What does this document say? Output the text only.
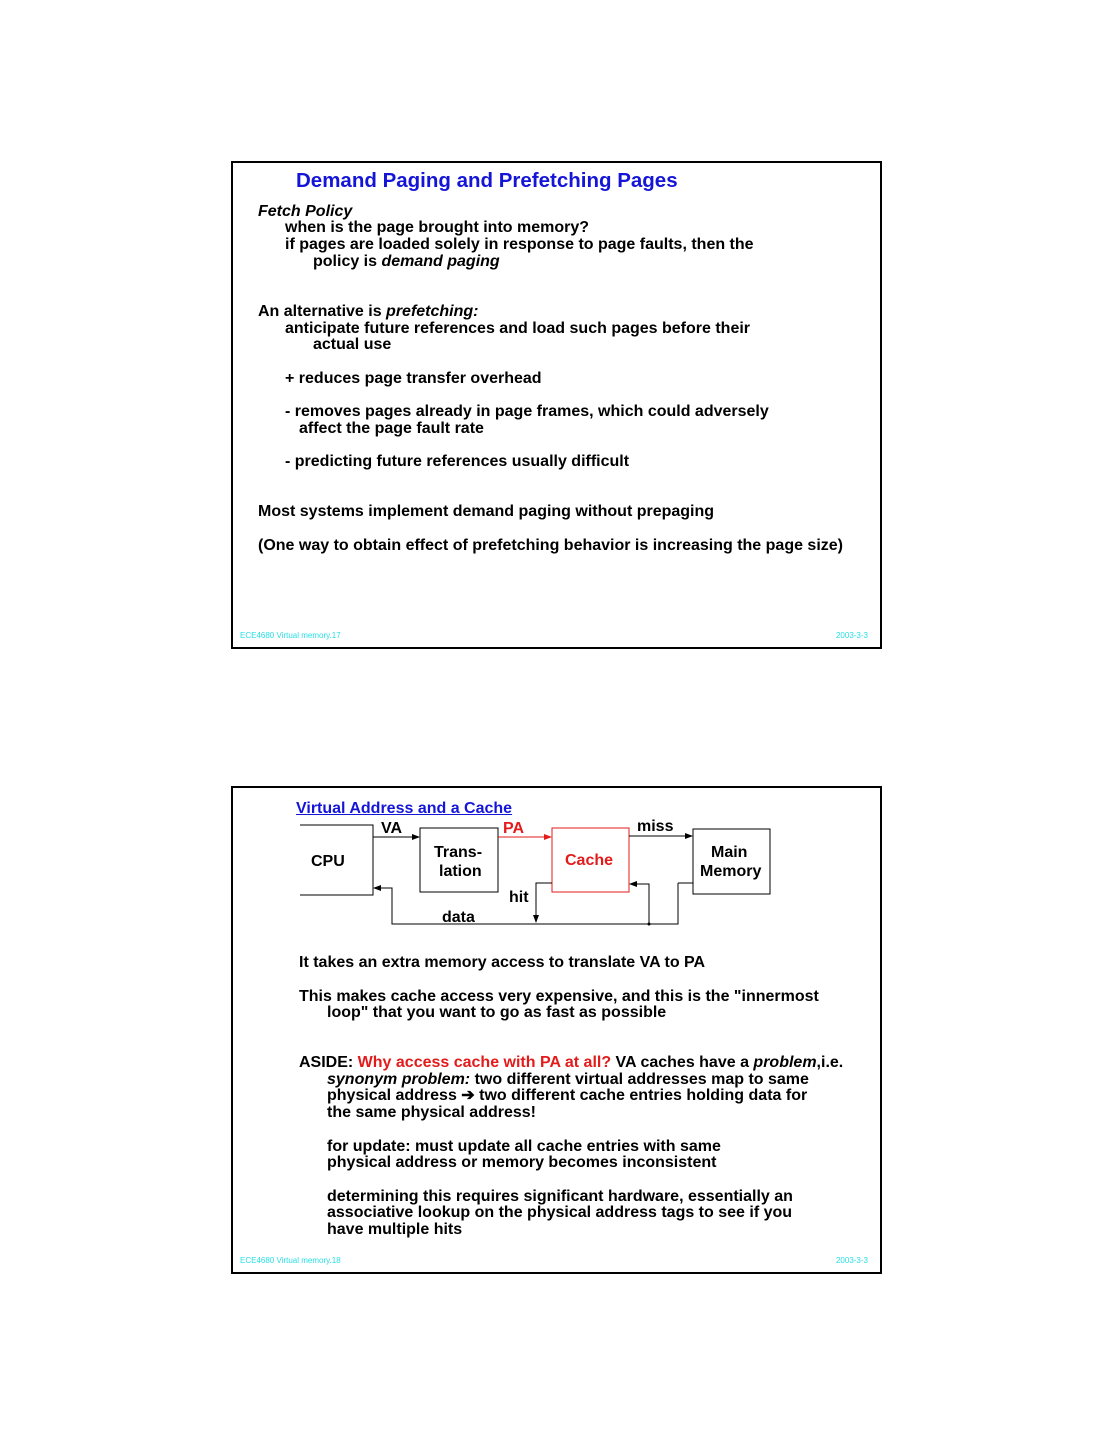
Demand Paging and Prefetching Pages
Fetch Policy
when is the page brought into memory?
if pages are loaded solely in response to page faults, then the
policy is demand paging
An alternative is prefetching:
anticipate future references and load such pages before their
actual use
+ reduces page transfer overhead
- removes pages already in page frames, which could adversely
affect the page fault rate
- predicting future references usually difficult
Most systems implement demand paging without prepaging
(One way to obtain effect of prefetching behavior is increasing the page size)
ECE4680 Virtual memory.17	2003-3-3
Virtual Address and a Cache
CPU
Trans-
lation
Cache	Main
Memory
VA	PA	miss
hit
data
It takes an extra memory access to translate VA to PA
This makes cache access very expensive, and this is the "innermost
loop" that you want to go as fast as possible
ASIDE: Why access cache with PA at all? VA caches have a problem,i.e.
synonym problem: two different virtual addresses map to same
physical address ➔ two different cache entries holding data for
the same physical address!
for update: must update all cache entries with same
physical address or memory becomes inconsistent
determining this requires significant hardware, essentially an
associative lookup on the physical address tags to see if you
have multiple hits
ECE4680 Virtual memory.18	2003-3-3
